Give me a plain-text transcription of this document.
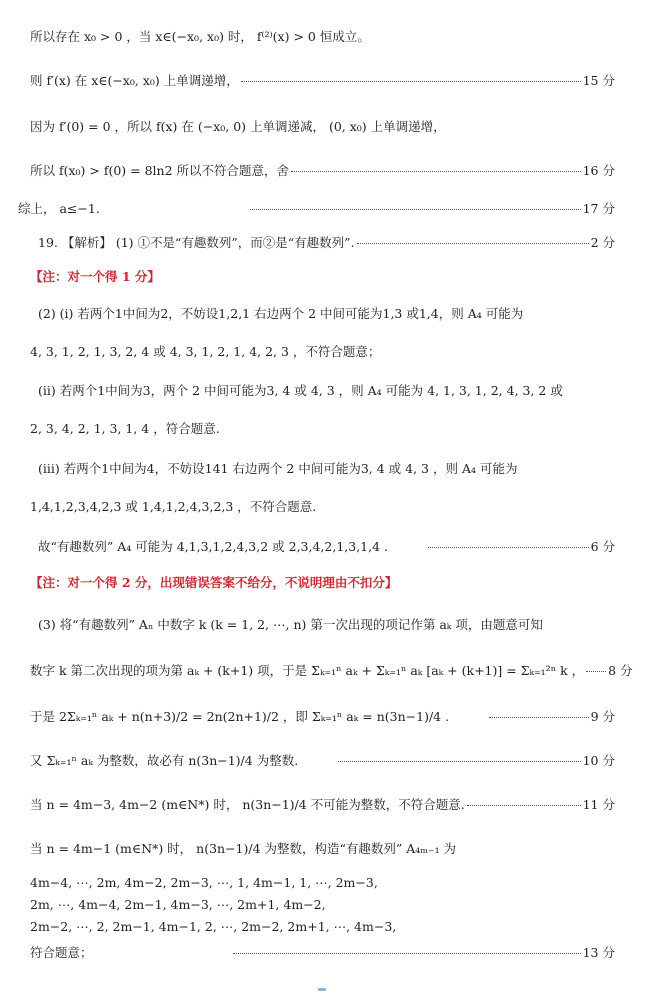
所以存在 x₀ > 0 ，当 x∈(−x₀, x₀) 时， f⁽²⁾(x) > 0 恒成立。
则 f′(x) 在 x∈(−x₀, x₀) 上单调递增，	15 分
因为 f′(0) = 0 ，所以 f(x) 在 (−x₀, 0) 上单调递减， (0, x₀) 上单调递增，
所以 f(x₀) > f(0) = 8ln2 所以不符合题意，舍	16 分
综上， a≤−1.	17 分
19. 【解析】 (1) ①不是“有趣数列”，而②是“有趣数列”.	2 分
【注：对一个得 1 分】
(2) (i) 若两个1中间为2，不妨设1,2,1 右边两个 2 中间可能为1,3 或1,4，则 A₄ 可能为
4, 3, 1, 2, 1, 3, 2, 4 或 4, 3, 1, 2, 1, 4, 2, 3 ，不符合题意；
(ii) 若两个1中间为3，两个 2 中间可能为3, 4 或 4, 3 ，则 A₄ 可能为 4, 1, 3, 1, 2, 4, 3, 2 或
2, 3, 4, 2, 1, 3, 1, 4 ，符合题意.
(iii) 若两个1中间为4，不妨设141 右边两个 2 中间可能为3, 4 或 4, 3 ，则 A₄ 可能为
1,4,1,2,3,4,2,3 或 1,4,1,2,4,3,2,3 ，不符合题意.
故“有趣数列” A₄ 可能为 4,1,3,1,2,4,3,2 或 2,3,4,2,1,3,1,4 .	6 分
【注：对一个得 2 分，出现错误答案不给分，不说明理由不扣分】
(3) 将“有趣数列” Aₙ 中数字 k (k = 1, 2, ⋯, n) 第一次出现的项记作第 aₖ 项，由题意可知
数字 k 第二次出现的项为第 aₖ + (k+1) 项，于是 Σₖ₌₁ⁿ aₖ + Σₖ₌₁ⁿ aₖ [aₖ + (k+1)] = Σₖ₌₁²ⁿ k ， 8 分
于是 2Σₖ₌₁ⁿ aₖ + n(n+3)/2 = 2n(2n+1)/2 ，即 Σₖ₌₁ⁿ aₖ = n(3n−1)/4 .	9 分
又 Σₖ₌₁ⁿ aₖ 为整数，故必有 n(3n−1)/4 为整数.	10 分
当 n = 4m−3, 4m−2 (m∈N*) 时， n(3n−1)/4 不可能为整数，不符合题意.	11 分
当 n = 4m−1 (m∈N*) 时， n(3n−1)/4 为整数，构造“有趣数列” A₄ₘ₋₁ 为
4m−4, ⋯, 2m, 4m−2, 2m−3, ⋯, 1, 4m−1, 1, ⋯, 2m−3,
2m, ⋯, 4m−4, 2m−1, 4m−3, ⋯, 2m+1, 4m−2,
2m−2, ⋯, 2, 2m−1, 4m−1, 2, ⋯, 2m−2, 2m+1, ⋯, 4m−3,
符合题意；	13 分
